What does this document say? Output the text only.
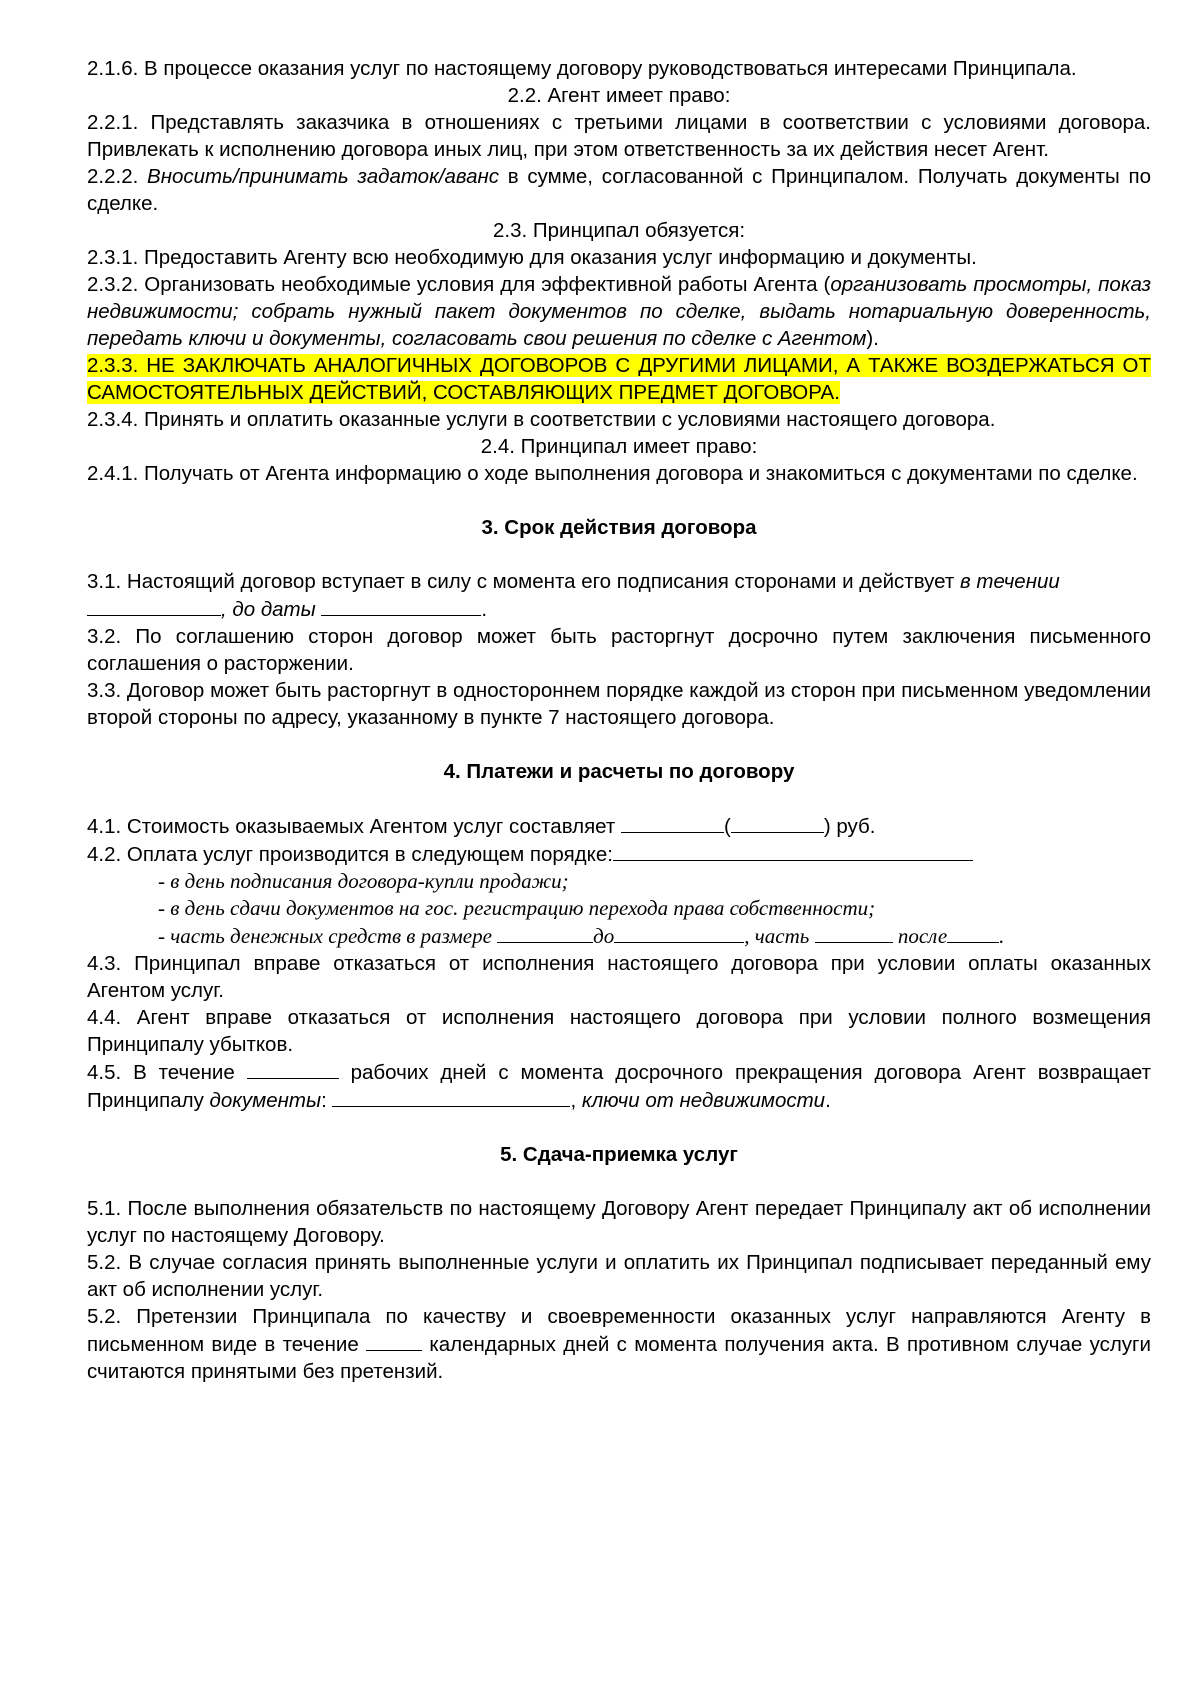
2.1.6. В процессе оказания услуг по настоящему договору руководствоваться интересами Принципала.

2.2. Агент имеет право:

2.2.1. Представлять заказчика в отношениях с третьими лицами в соответствии с условиями договора. Привлекать к исполнению договора иных лиц, при этом ответственность за их действия несет Агент.

2.2.2. Вносить/принимать задаток/аванс в сумме, согласованной с Принципалом. Получать документы по сделке.

2.3. Принципал обязуется:

2.3.1. Предоставить Агенту всю необходимую для оказания услуг информацию и документы.

2.3.2. Организовать необходимые условия для эффективной работы Агента (организовать просмотры, показ недвижимости; собрать нужный пакет документов по сделке, выдать нотариальную доверенность, передать ключи и документы, согласовать свои решения по сделке с Агентом).

2.3.3. НЕ ЗАКЛЮЧАТЬ АНАЛОГИЧНЫХ ДОГОВОРОВ С ДРУГИМИ ЛИЦАМИ, А ТАКЖЕ ВОЗДЕРЖАТЬСЯ ОТ САМОСТОЯТЕЛЬНЫХ ДЕЙСТВИЙ, СОСТАВЛЯЮЩИХ ПРЕДМЕТ ДОГОВОРА.

2.3.4. Принять и оплатить оказанные услуги в соответствии с условиями настоящего договора.

2.4. Принципал имеет право:

2.4.1. Получать от Агента информацию о ходе выполнения договора и знакомиться с документами по сделке.

3. Срок действия договора

3.1. Настоящий договор вступает в силу с момента его подписания сторонами и действует в течении
, до даты	.

3.2. По соглашению сторон договор может быть расторгнут досрочно путем заключения письменного соглашения о расторжении.

3.3. Договор может быть расторгнут в одностороннем порядке каждой из сторон при письменном уведомлении второй стороны по адресу, указанному в пункте 7 настоящего договора.

4. Платежи и расчеты по договору

4.1. Стоимость оказываемых Агентом услуг составляет	(	) руб.

4.2. Оплата услуг производится в следующем порядке:

- в день подписания договора-купли продажи;

- в день сдачи документов на гос. регистрацию перехода права собственности;

- часть денежных средств в размере	до	, часть	после .

4.3. Принципал вправе отказаться от исполнения настоящего договора при условии оплаты оказанных Агентом услуг.

4.4. Агент вправе отказаться от исполнения настоящего договора при условии полного возмещения Принципалу убытков.

4.5. В течение	рабочих дней с момента досрочного прекращения договора Агент возвращает Принципалу документы:	, ключи от недвижимости.

5. Сдача-приемка услуг

5.1. После выполнения обязательств по настоящему Договору Агент передает Принципалу акт об исполнении услуг по настоящему Договору.

5.2. В случае согласия принять выполненные услуги и оплатить их Принципал подписывает переданный ему акт об исполнении услуг.

5.2. Претензии Принципала по качеству и своевременности оказанных услуг направляются Агенту в письменном виде в течение	календарных дней с момента получения акта. В противном случае услуги считаются принятыми без претензий.
